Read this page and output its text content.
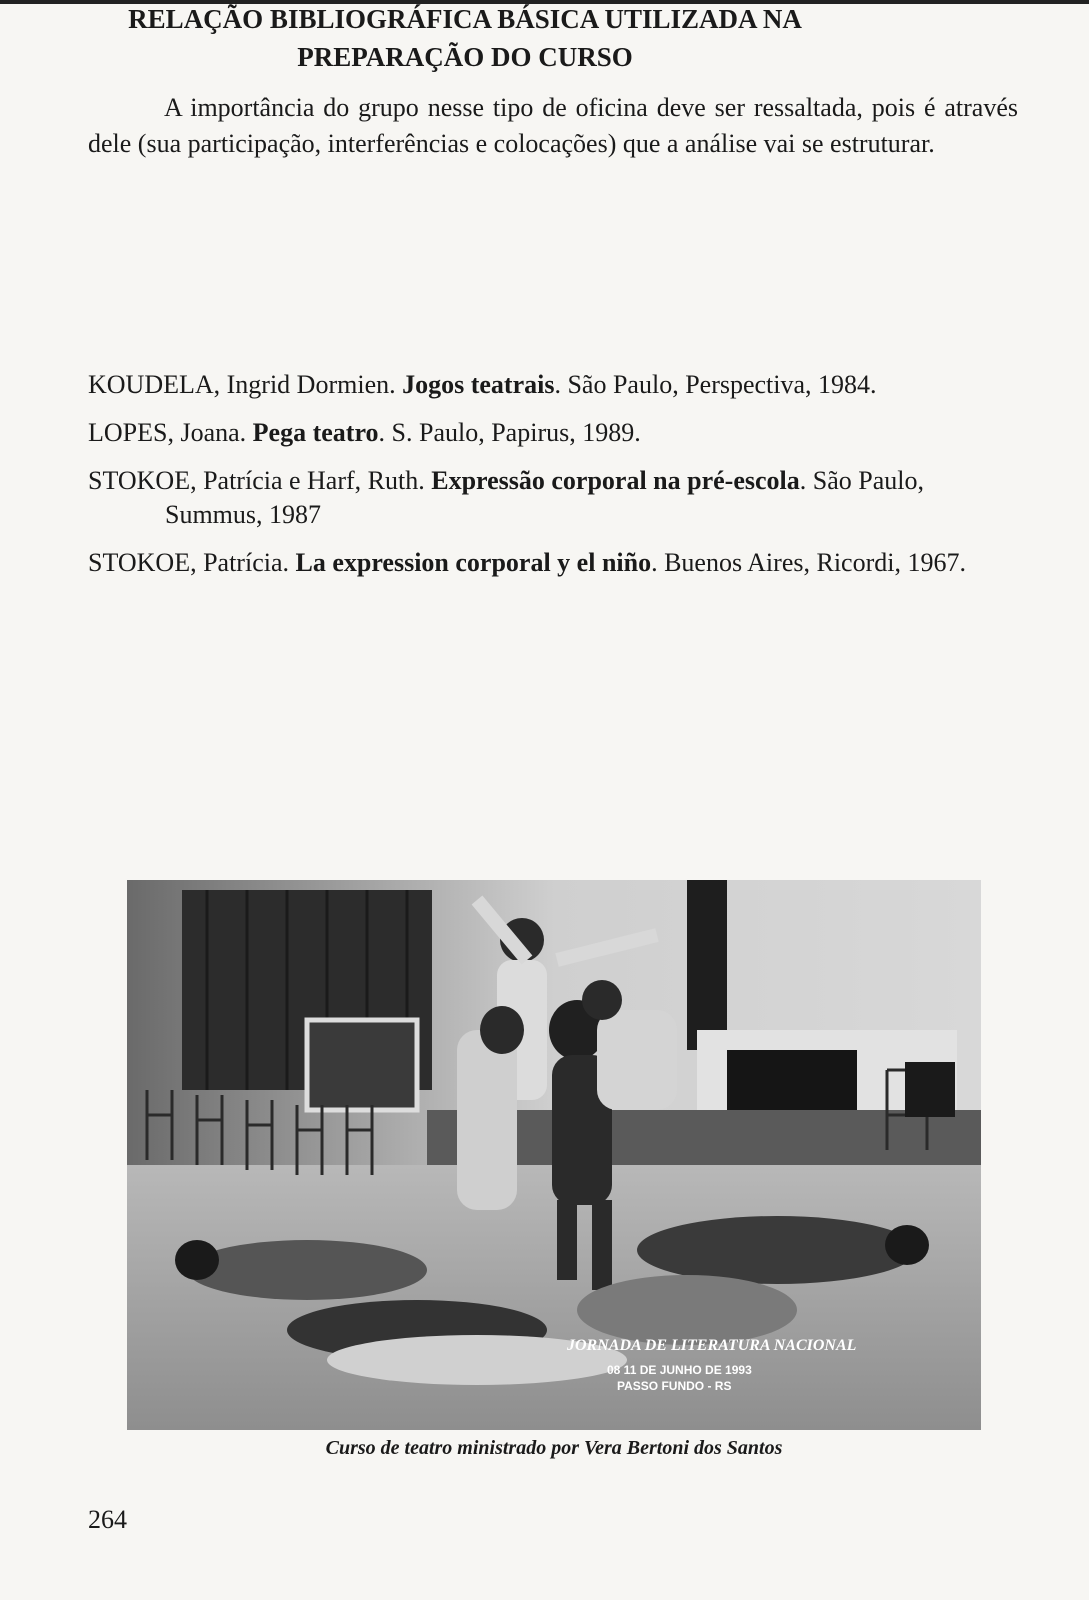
A importância do grupo nesse tipo de oficina deve ser ressaltada, pois é através dele (sua participação, interferências e colocações) que a análise vai se estruturar.

RELAÇÃO BIBLIOGRÁFICA BÁSICA UTILIZADA NA
PREPARAÇÃO DO CURSO

KOUDELA, Ingrid Dormien. Jogos teatrais. São Paulo, Perspectiva, 1984.

LOPES, Joana. Pega teatro. S. Paulo, Papirus, 1989.

STOKOE, Patrícia e Harf, Ruth. Expressão corporal na pré-escola. São Paulo, Summus, 1987

STOKOE, Patrícia. La expression corporal y el niño. Buenos Aires, Ricordi, 1967.

JORNADA DE LITERATURA NACIONAL
08 11 DE JUNHO DE 1993
PASSO FUNDO - RS

Curso de teatro ministrado por Vera Bertoni dos Santos

264
